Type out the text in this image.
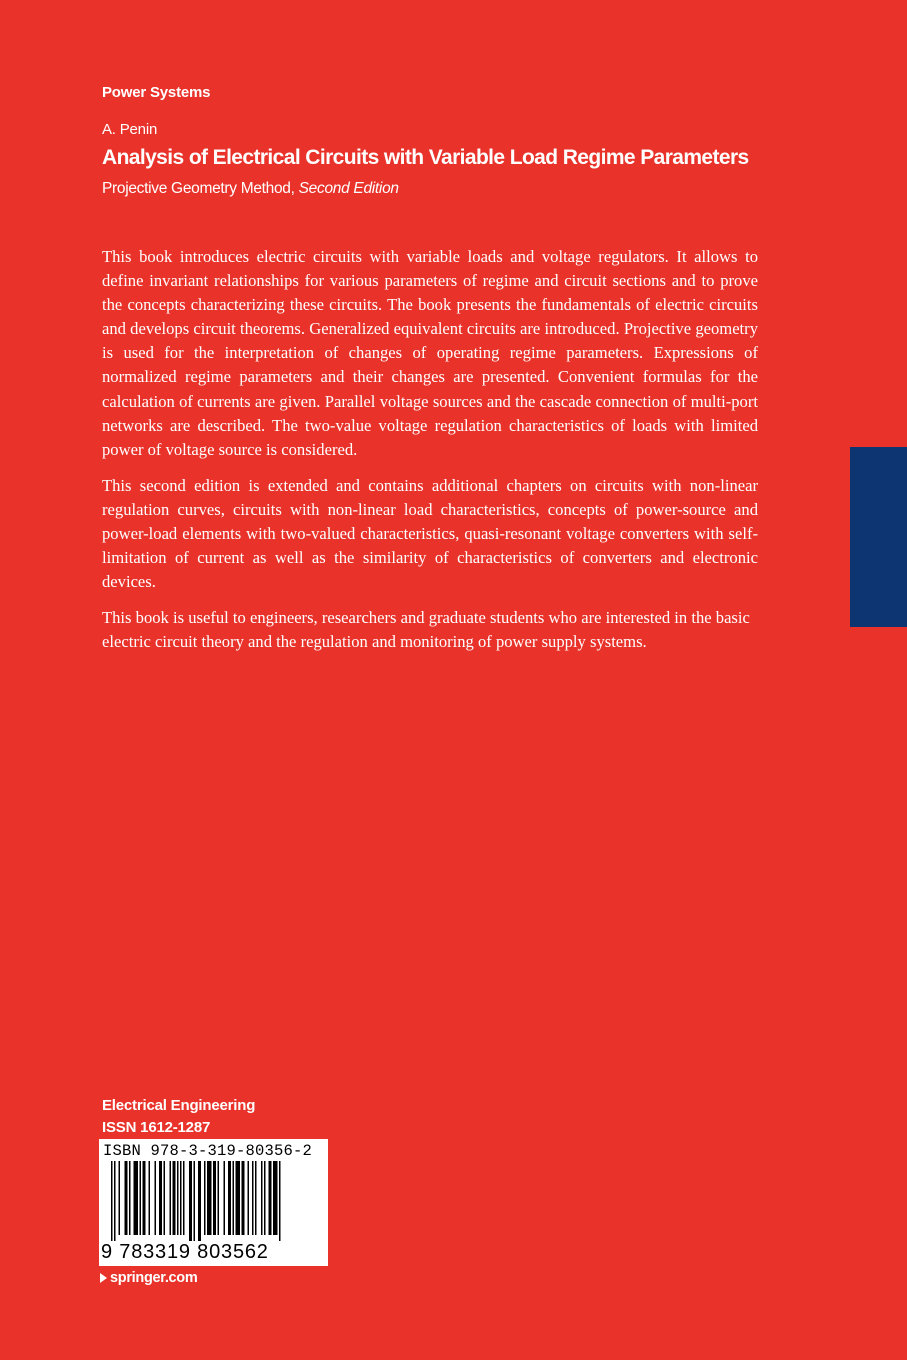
Power Systems
A. Penin
Analysis of Electrical Circuits with Variable Load Regime Parameters
Projective Geometry Method, Second Edition

This book introduces electric circuits with variable loads and voltage regulators. It allows to define invariant relationships for various parameters of regime and circuit sections and to prove the concepts characterizing these circuits. The book presents the fundamentals of electric circuits and develops circuit theorems. Generalized equivalent circuits are introduced. Projective geometry is used for the interpretation of changes of operating regime parameters. Expressions of normalized regime parameters and their changes are presented. Convenient formulas for the calculation of currents are given. Parallel voltage sources and the cascade connection of multi-port networks are described. The two-value voltage regulation characteristics of loads with limited power of voltage source is considered.

This second edition is extended and contains additional chapters on circuits with non-linear regulation curves, circuits with non-linear load characteristics, concepts of power-source and power-load elements with two-valued characteristics, quasi-resonant voltage converters with self-limitation of current as well as the similarity of characteristics of converters and electronic devices.

This book is useful to engineers, researchers and graduate students who are interested in the basic electric circuit theory and the regulation and monitoring of power supply systems.

Electrical Engineering
ISSN 1612-1287
ISBN 978-3-319-80356-2
9 783319 803562
springer.com
